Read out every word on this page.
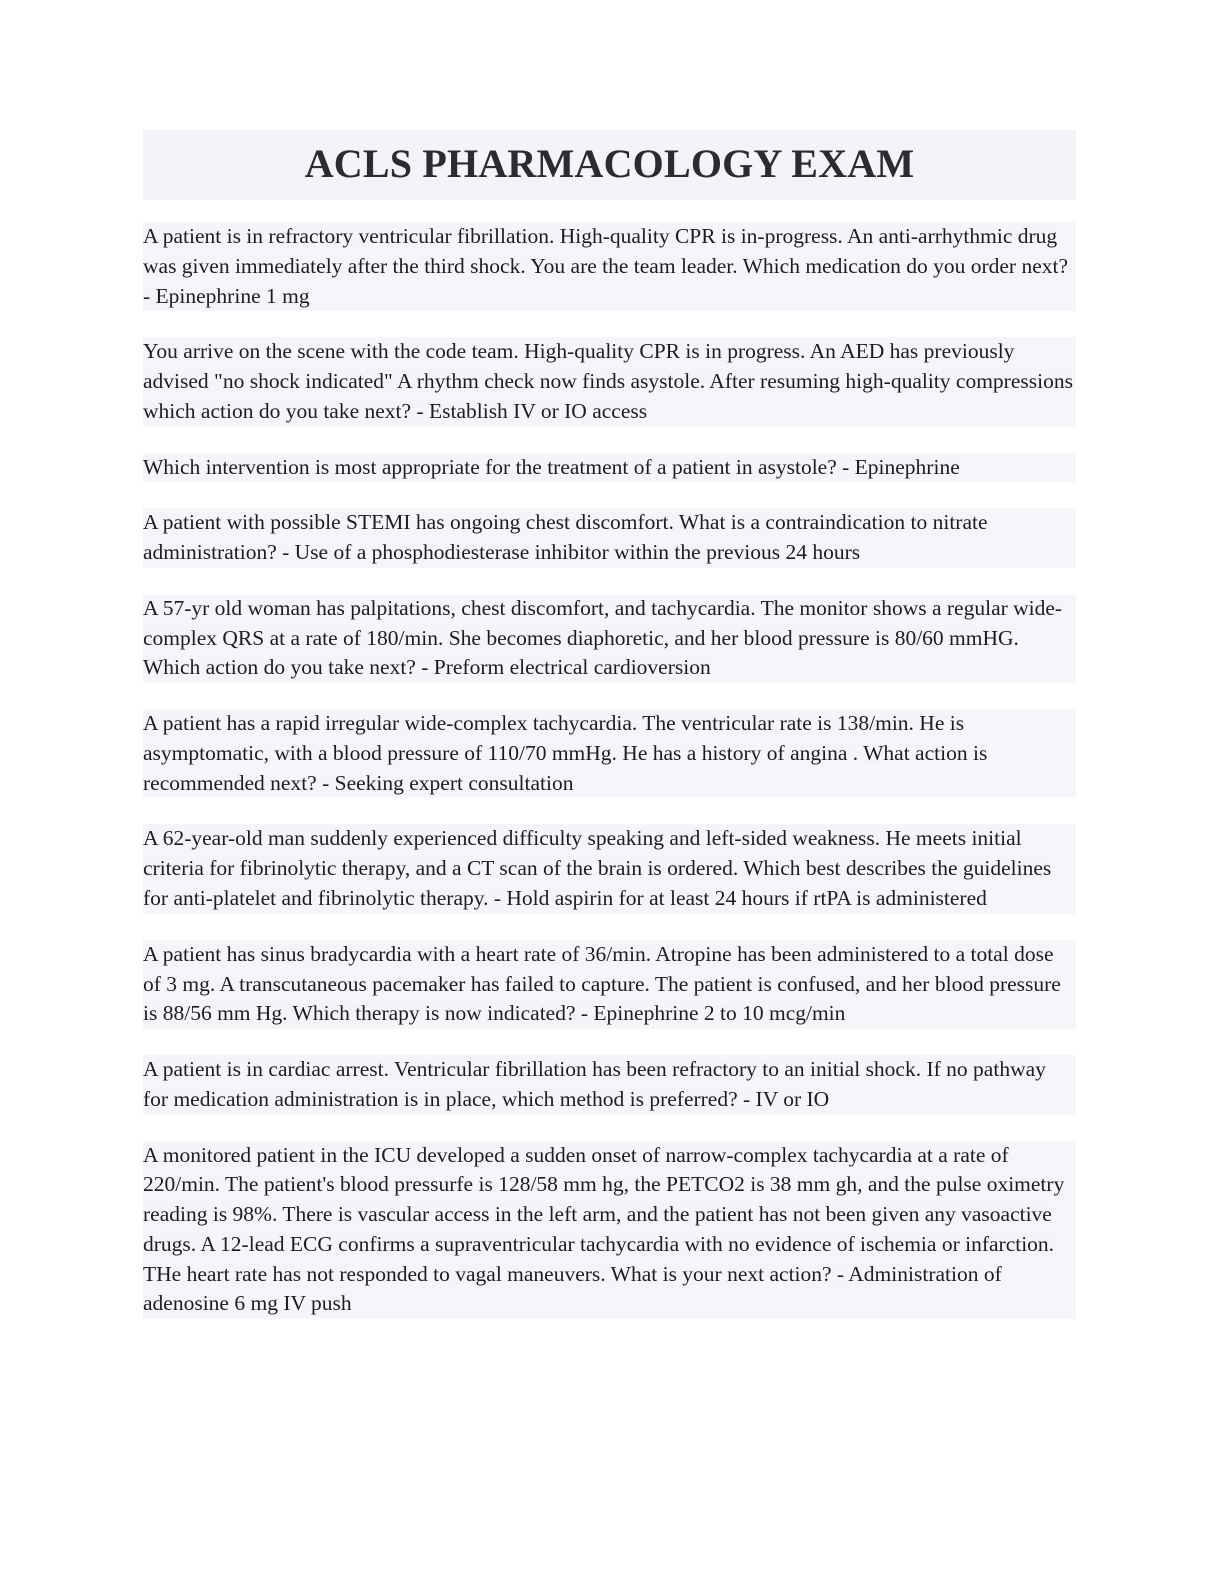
ACLS PHARMACOLOGY EXAM

A patient is in refractory ventricular fibrillation. High-quality CPR is in-progress. An anti-arrhythmic drug was given immediately after the third shock. You are the team leader. Which medication do you order next? - Epinephrine 1 mg

You arrive on the scene with the code team. High-quality CPR is in progress. An AED has previously advised "no shock indicated" A rhythm check now finds asystole. After resuming high-quality compressions which action do you take next? - Establish IV or IO access

Which intervention is most appropriate for the treatment of a patient in asystole? - Epinephrine

A patient with possible STEMI has ongoing chest discomfort. What is a contraindication to nitrate administration? - Use of a phosphodiesterase inhibitor within the previous 24 hours

A 57-yr old woman has palpitations, chest discomfort, and tachycardia. The monitor shows a regular wide-complex QRS at a rate of 180/min. She becomes diaphoretic, and her blood pressure is 80/60 mmHG. Which action do you take next? - Preform electrical cardioversion

A patient has a rapid irregular wide-complex tachycardia. The ventricular rate is 138/min. He is asymptomatic, with a blood pressure of 110/70 mmHg. He has a history of angina . What action is recommended next? - Seeking expert consultation

A 62-year-old man suddenly experienced difficulty speaking and left-sided weakness. He meets initial criteria for fibrinolytic therapy, and a CT scan of the brain is ordered. Which best describes the guidelines for anti-platelet and fibrinolytic therapy. - Hold aspirin for at least 24 hours if rtPA is administered

A patient has sinus bradycardia with a heart rate of 36/min. Atropine has been administered to a total dose of 3 mg. A transcutaneous pacemaker has failed to capture. The patient is confused, and her blood pressure is 88/56 mm Hg. Which therapy is now indicated? - Epinephrine 2 to 10 mcg/min

A patient is in cardiac arrest. Ventricular fibrillation has been refractory to an initial shock. If no pathway for medication administration is in place, which method is preferred? - IV or IO

A monitored patient in the ICU developed a sudden onset of narrow-complex tachycardia at a rate of 220/min. The patient's blood pressurfe is 128/58 mm hg, the PETCO2 is 38 mm gh, and the pulse oximetry reading is 98%. There is vascular access in the left arm, and the patient has not been given any vasoactive drugs. A 12-lead ECG confirms a supraventricular tachycardia with no evidence of ischemia or infarction. THe heart rate has not responded to vagal maneuvers. What is your next action? - Administration of adenosine 6 mg IV push
